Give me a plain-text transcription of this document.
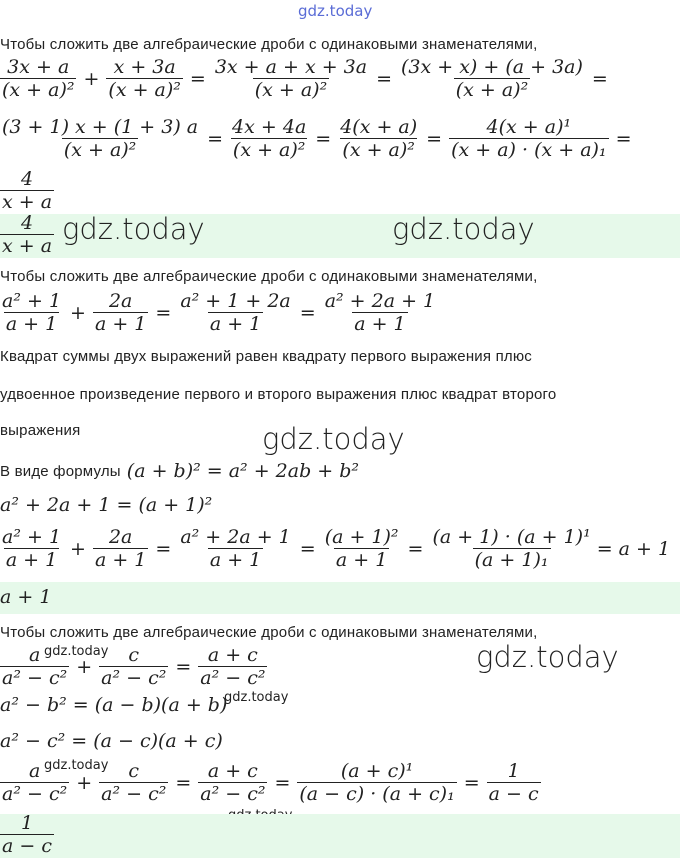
gdz.today
Чтобы сложить две алгебраические дроби с одинаковыми знаменателями,
$\frac{3x + a}{\text{(x + a)²}} + \frac{x + 3a}{\text{(x + a)²}} = \frac{3x + a + x + 3a}{\text{(x + a)²}} = \frac{(3x + x) + (a + 3a)}{\text{(x + a)²}}$ =
$\frac{(3 + 1) x + (1 + 3) a}{\text{(x + a)²}} = \frac{4x + 4a}{\text{(x + a)²}} = \frac{4(x + a)}{\text{(x + a)²}} = \frac{\text{4(x + a)¹}}{\text{(x + a) · (x + a)₁}}$ =
$\frac{4}{x + a}$
$\frac{4}{x + a}$ gdz.today	gdz.today
Чтобы сложить две алгебраические дроби с одинаковыми знаменателями,
$\frac{\text{a² + 1}}{a + 1} + \frac{2a}{a + 1} = \frac{\text{a² + 1 + 2a}}{a + 1} = \frac{\text{a² + 2a + 1}}{a + 1}$
Квадрат суммы двух выражений равен квадрату первого выражения плюс
удвоенное произведение первого и второго выражения плюс квадрат второго
выражения	gdz.today
В виде формулы (a + b)² = a² + 2ab + b²
a² + 2a + 1 = (a + 1)²
$\frac{\text{a² + 1}}{a + 1} + \frac{2a}{a + 1} = \frac{\text{a² + 2a + 1}}{a + 1} = \frac{\text{(a + 1)²}}{a + 1} = \frac{\text{(a + 1) · (a + 1)¹}}{\text{(a + 1)₁}} = a + 1$
a + 1
Чтобы сложить две алгебраические дроби с одинаковыми знаменателями,
gdz.today
$\frac{a}{\text{a² − c²}} + \frac{c}{\text{a² − c²}} = \frac{a + c}{\text{a² − c²}}$
gdz.today
a² − b² = (a − b)(a + b)
gdz.today
a² − c² = (a − c)(a + c)
$\frac{a}{\text{a² − c²}} + \frac{c}{\text{a² − c²}} = \frac{a + c}{\text{a² − c²}} = \frac{\text{(a + c)¹}}{\text{(a − c) · (a + c)₁}} = \frac{1}{a - c}$
gdz.today
$\frac{1}{a - c}$
